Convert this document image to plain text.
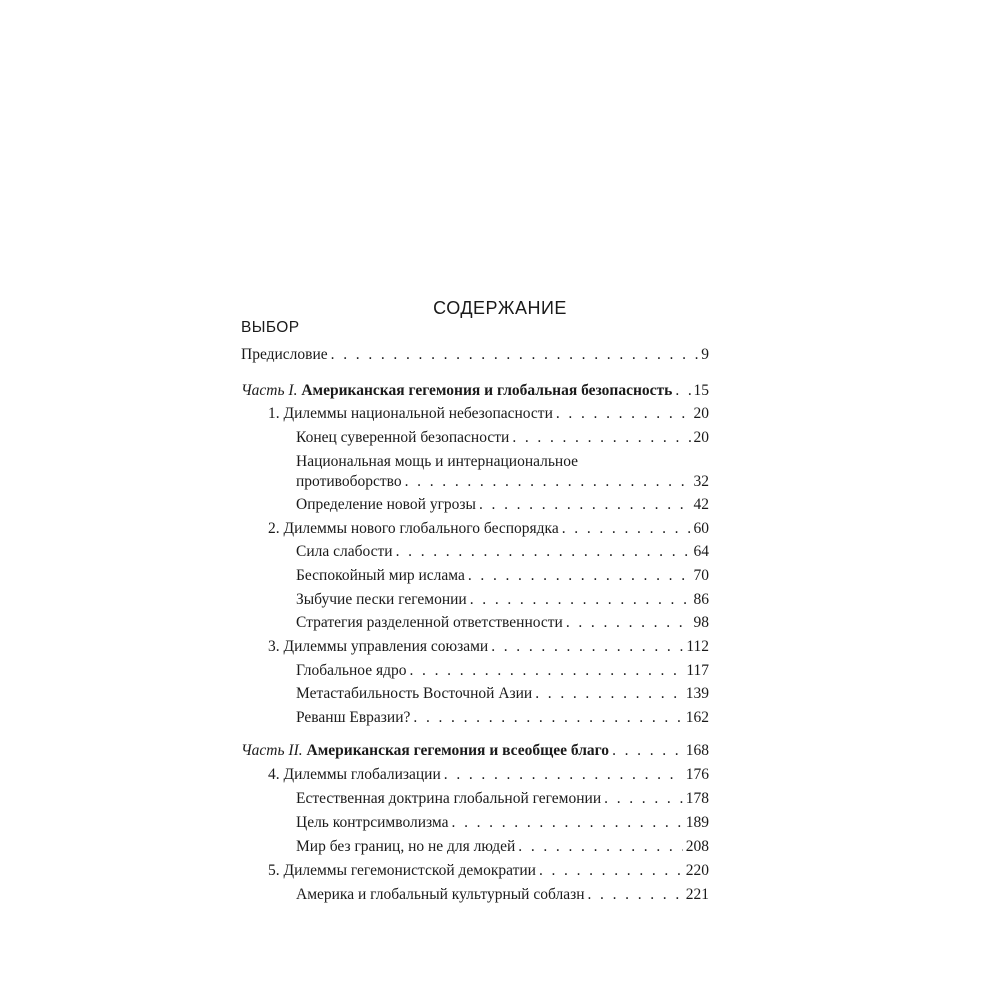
СОДЕРЖАНИЕ
ВЫБОР
Предисловие . . .	9
Часть I. Американская гегемония и глобальная безопасность . . . 15
1. Дилеммы национальной небезопасности . . .	20
Конец суверенной безопасности . . .	20
Национальная мощь и интернациональное
противоборство . . .	32
Определение новой угрозы . . .	42
2. Дилеммы нового глобального беспорядка . . .	60
Сила слабости . . .	64
Беспокойный мир ислама . . .	70
Зыбучие пески гегемонии . . .	86
Стратегия разделенной ответственности . . .	98
3. Дилеммы управления союзами . . .	112
Глобальное ядро . . .	117
Метастабильность Восточной Азии . . .	139
Реванш Евразии? . . .	162
Часть II. Американская гегемония и всеобщее благо . . .	168
4. Дилеммы глобализации . . .	176
Естественная доктрина глобальной гегемонии . . .	178
Цель контрсимволизма . . .	189
Мир без границ, но не для людей . . .	208
5. Дилеммы гегемонистской демократии . . .	220
Америка и глобальный культурный соблазн . . .	221
